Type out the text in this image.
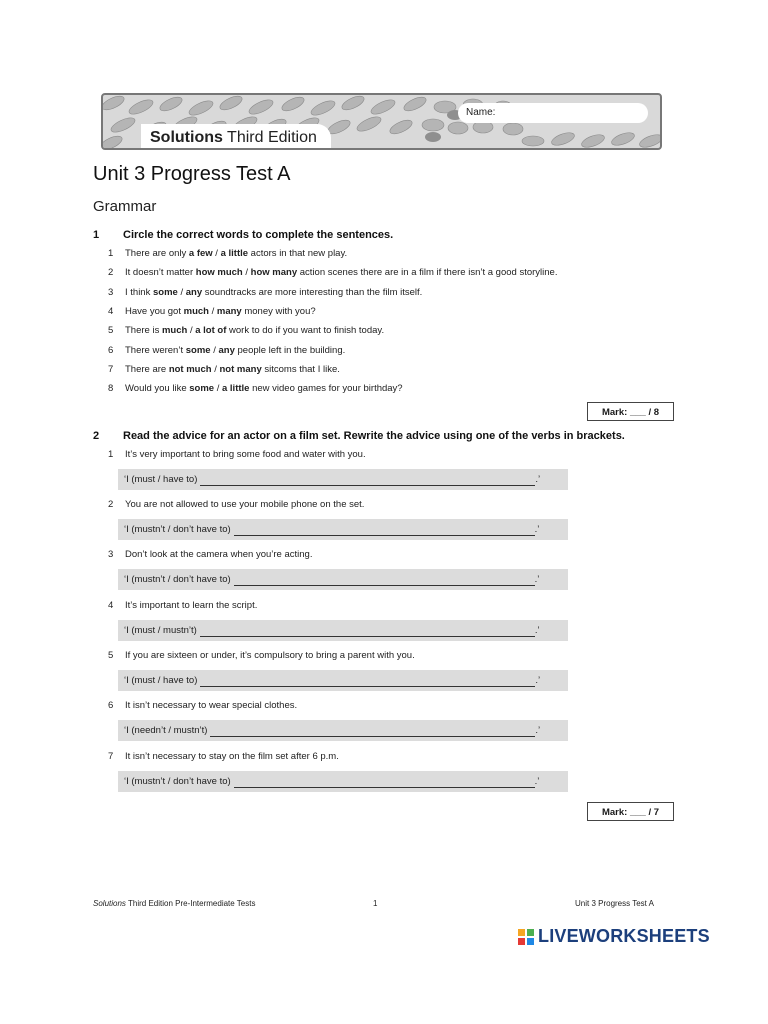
Name:
Solutions Third Edition
Unit 3 Progress Test A
Grammar
1 Circle the correct words to complete the sentences.
1 There are only a few / a little actors in that new play.
2 It doesn’t matter how much / how many action scenes there are in a film if there isn’t a good storyline.
3 I think some / any soundtracks are more interesting than the film itself.
4 Have you got much / many money with you?
5 There is much / a lot of work to do if you want to finish today.
6 There weren’t some / any people left in the building.
7 There are not much / not many sitcoms that I like.
8 Would you like some / a little new video games for your birthday?
Mark: ___ / 8
2 Read the advice for an actor on a film set. Rewrite the advice using one of the verbs in brackets.
1 It’s very important to bring some food and water with you.
‘I (must / have to)	.’
2 You are not allowed to use your mobile phone on the set.
‘I (mustn’t / don’t have to)	.’
3 Don’t look at the camera when you’re acting.
‘I (mustn’t / don’t have to)	.’
4 It’s important to learn the script.
‘I (must / mustn’t)	.’
5 If you are sixteen or under, it’s compulsory to bring a parent with you.
‘I (must / have to)	.’
6 It isn’t necessary to wear special clothes.
‘I (needn’t / mustn’t)	.’
7 It isn’t necessary to stay on the film set after 6 p.m.
‘I (mustn’t / don’t have to)	.’
Mark: ___ / 7
Solutions Third Edition Pre-Intermediate Tests	1	Unit 3 Progress Test A
LIVEWORKSHEETS
